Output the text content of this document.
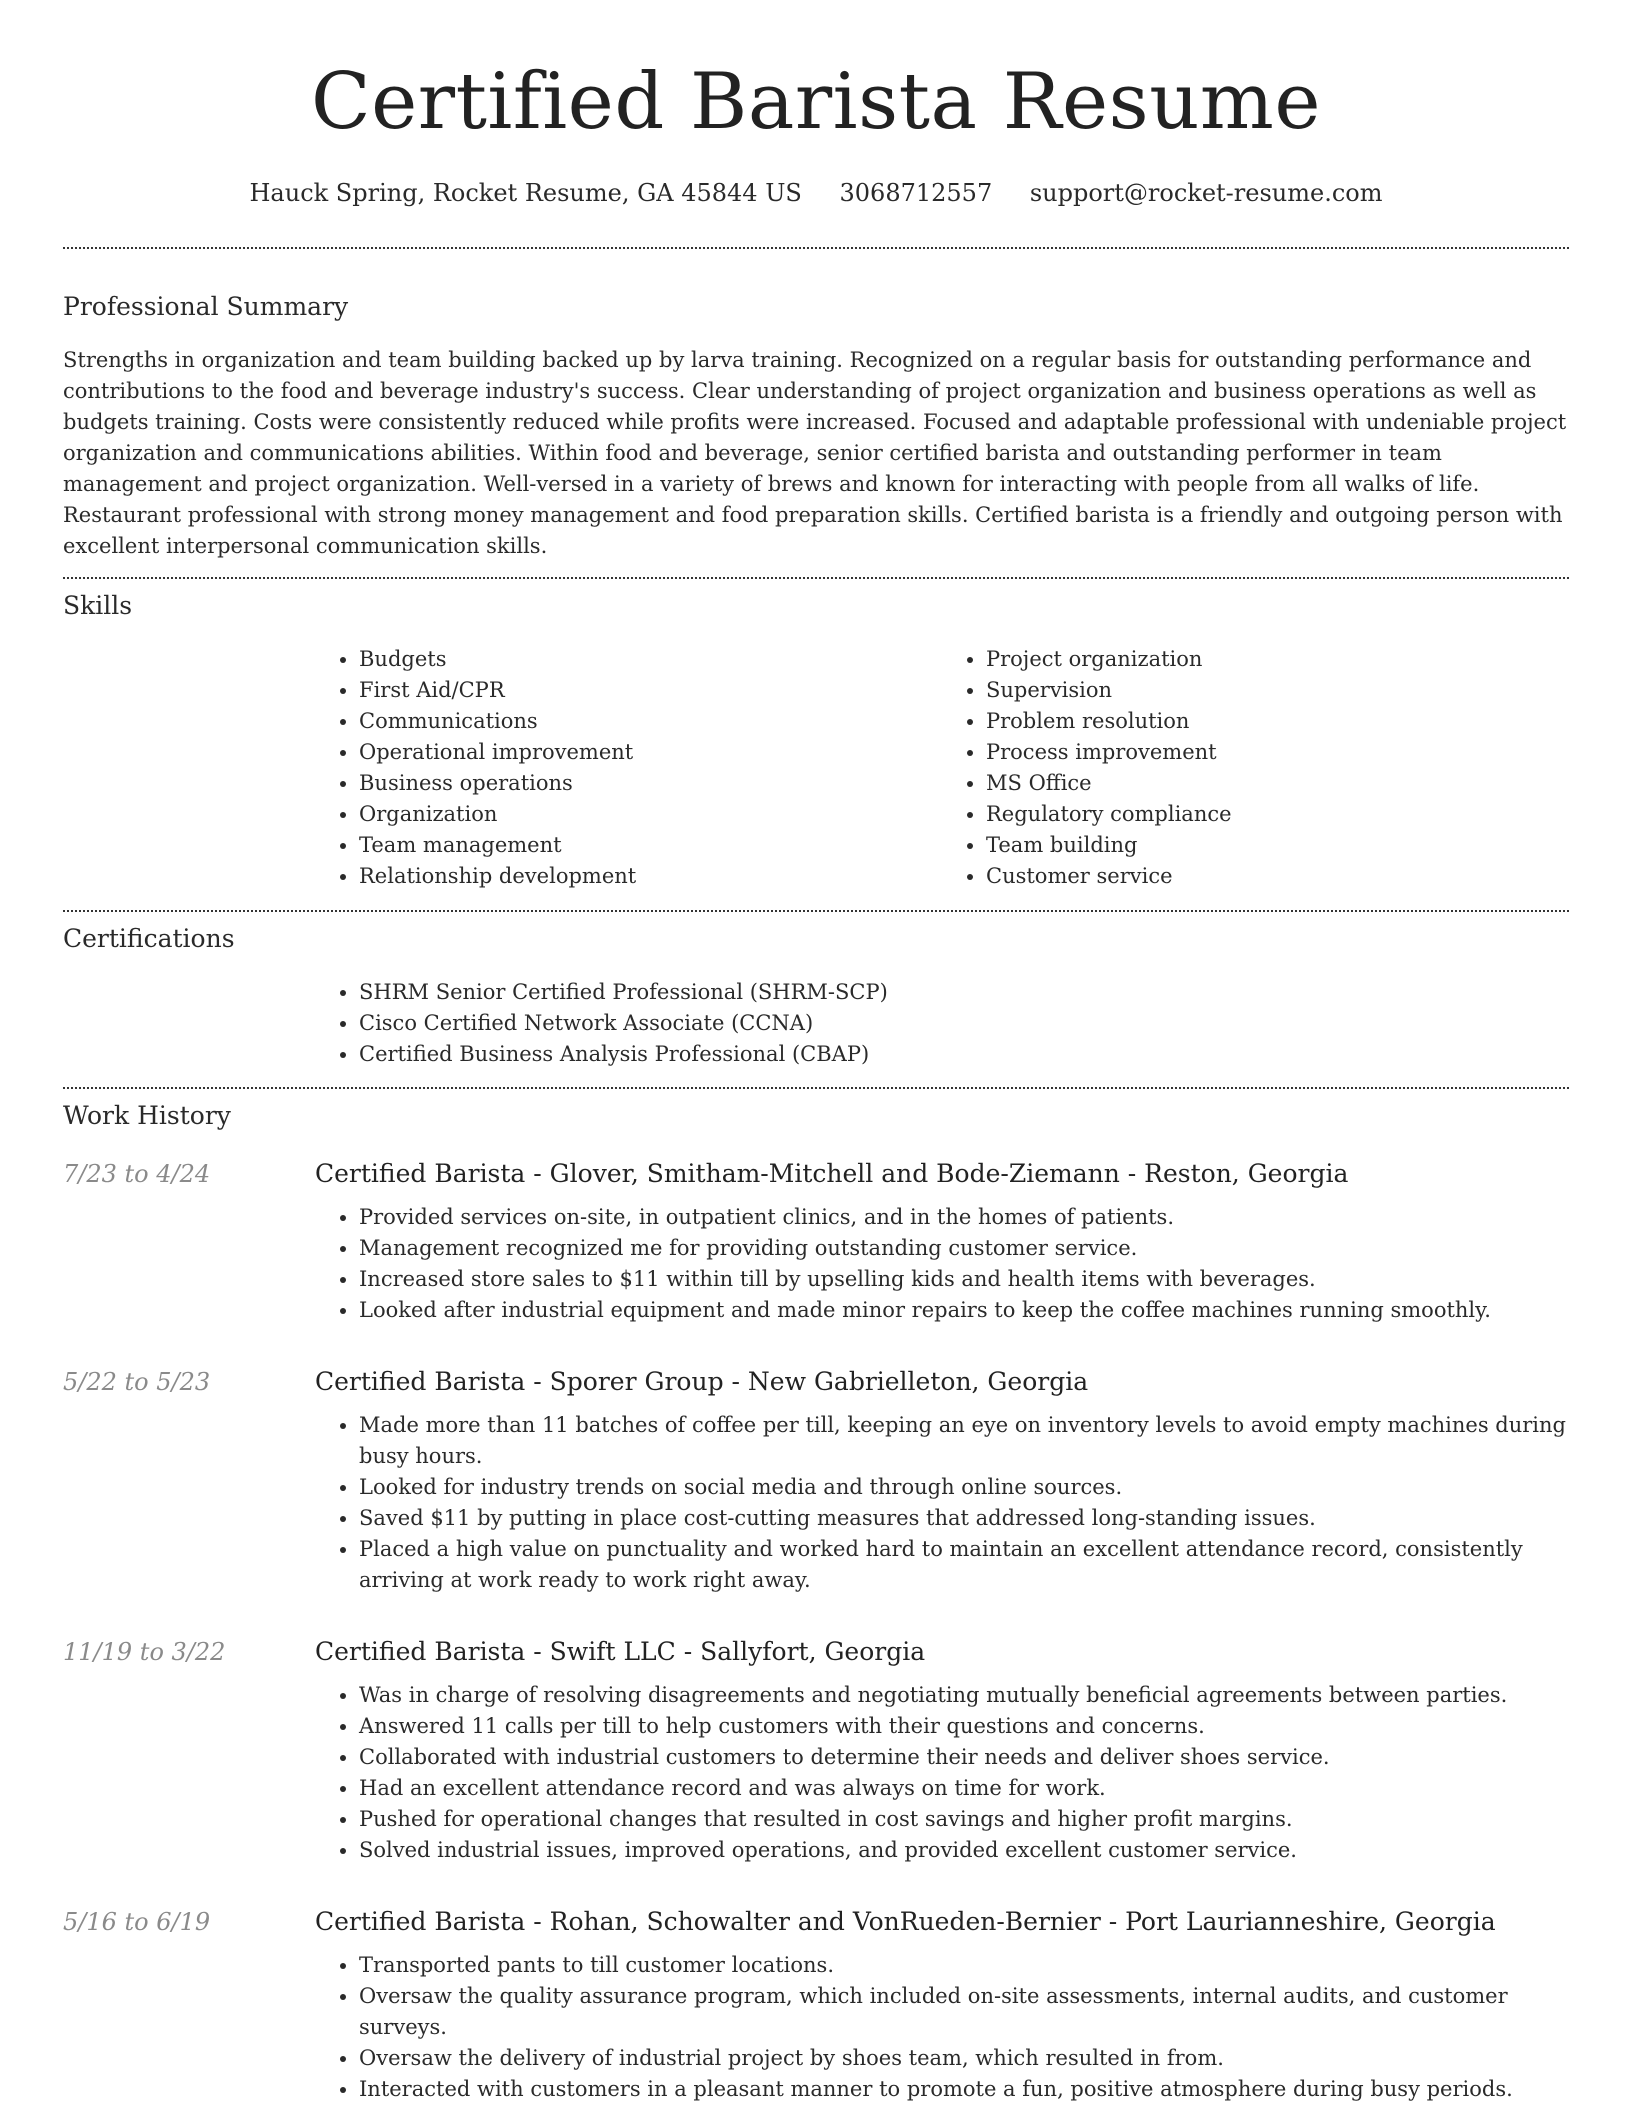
Certified Barista Resume
Hauck Spring, Rocket Resume, GA 45844 US 3068712557 support@rocket-resume.com
Professional Summary

Strengths in organization and team building backed up by larva training. Recognized on a regular basis for outstanding performance and contributions to the food and beverage industry's success. Clear understanding of project organization and business operations as well as budgets training. Costs were consistently reduced while profits were increased. Focused and adaptable professional with undeniable project organization and communications abilities. Within food and beverage, senior certified barista and outstanding performer in team management and project organization. Well-versed in a variety of brews and known for interacting with people from all walks of life. Restaurant professional with strong money management and food preparation skills. Certified barista is a friendly and outgoing person with excellent interpersonal communication skills.

Skills
• Budgets
• First Aid/CPR
• Communications
• Operational improvement
• Business operations
• Organization
• Team management
• Relationship development
• Project organization
• Supervision
• Problem resolution
• Process improvement
• MS Office
• Regulatory compliance
• Team building
• Customer service
Certifications
• SHRM Senior Certified Professional (SHRM-SCP)
• Cisco Certified Network Associate (CCNA)
• Certified Business Analysis Professional (CBAP)
Work History
7/23 to 4/24	Certified Barista - Glover, Smitham-Mitchell and Bode-Ziemann - Reston, Georgia
• Provided services on-site, in outpatient clinics, and in the homes of patients.
• Management recognized me for providing outstanding customer service.
• Increased store sales to $11 within till by upselling kids and health items with beverages.
• Looked after industrial equipment and made minor repairs to keep the coffee machines running smoothly.
5/22 to 5/23	Certified Barista - Sporer Group - New Gabrielleton, Georgia
• Made more than 11 batches of coffee per till, keeping an eye on inventory levels to avoid empty machines during busy hours.
• Looked for industry trends on social media and through online sources.
• Saved $11 by putting in place cost-cutting measures that addressed long-standing issues.
• Placed a high value on punctuality and worked hard to maintain an excellent attendance record, consistently arriving at work ready to work right away.
11/19 to 3/22	Certified Barista - Swift LLC - Sallyfort, Georgia
• Was in charge of resolving disagreements and negotiating mutually beneficial agreements between parties.
• Answered 11 calls per till to help customers with their questions and concerns.
• Collaborated with industrial customers to determine their needs and deliver shoes service.
• Had an excellent attendance record and was always on time for work.
• Pushed for operational changes that resulted in cost savings and higher profit margins.
• Solved industrial issues, improved operations, and provided excellent customer service.
5/16 to 6/19	Certified Barista - Rohan, Schowalter and VonRueden-Bernier - Port Laurianneshire, Georgia
• Transported pants to till customer locations.
• Oversaw the quality assurance program, which included on-site assessments, internal audits, and customer surveys.
• Oversaw the delivery of industrial project by shoes team, which resulted in from.
• Interacted with customers in a pleasant manner to promote a fun, positive atmosphere during busy periods.
